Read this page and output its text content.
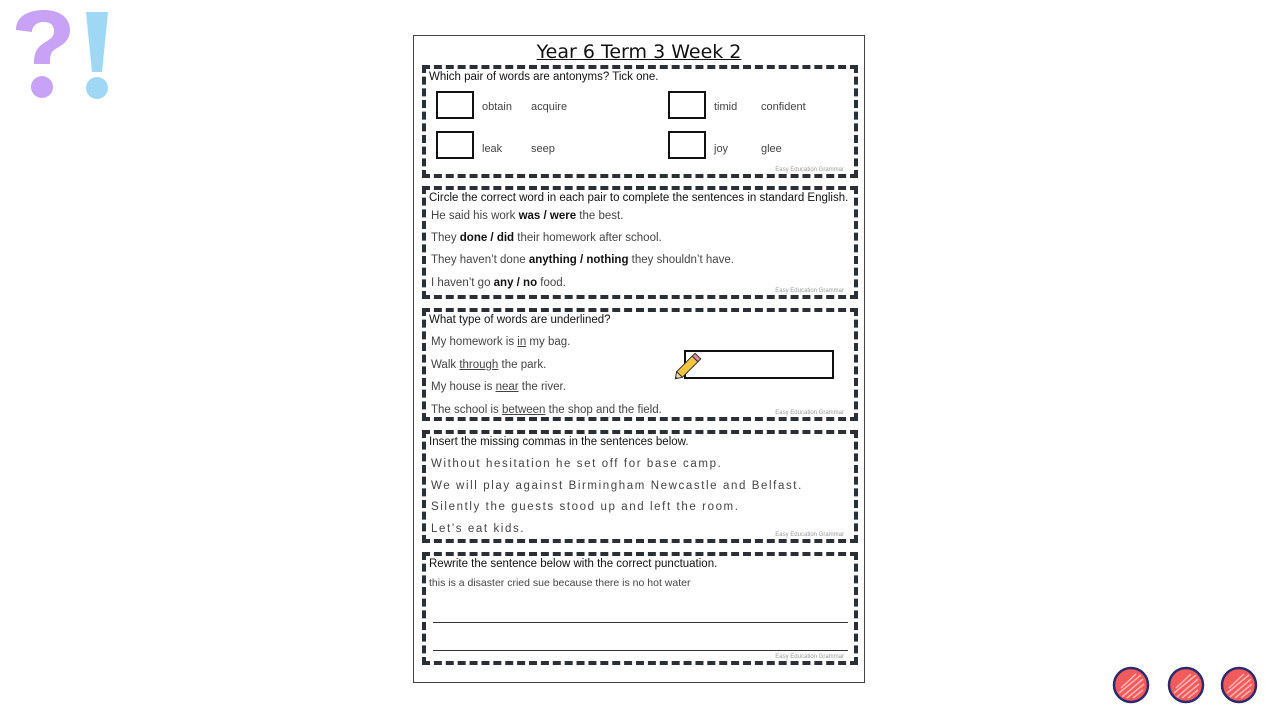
Year 6 Term 3 Week 2
Which pair of words are antonyms? Tick one.
obtain acquire	timid confident
leak	seep	joy	glee
Easy Education Grammar
Circle the correct word in each pair to complete the sentences in standard English.
He said his work was / were the best.
They done / did their homework after school.
They haven’t done anything / nothing they shouldn’t have.
I haven’t go any / no food.
Easy Education Grammar
What type of words are underlined?
My homework is in my bag.
Walk through the park.
My house is near the river.
The school is between the shop and the field.	Easy Education Grammar
Insert the missing commas in the sentences below.
Without hesitation he set off for base camp.
We will play against Birmingham Newcastle and Belfast.
Silently the guests stood up and left the room.
Let’s eat kids.	Easy Education Grammar
Rewrite the sentence below with the correct punctuation.
this is a disaster cried sue because there is no hot water
Easy Education Grammar
